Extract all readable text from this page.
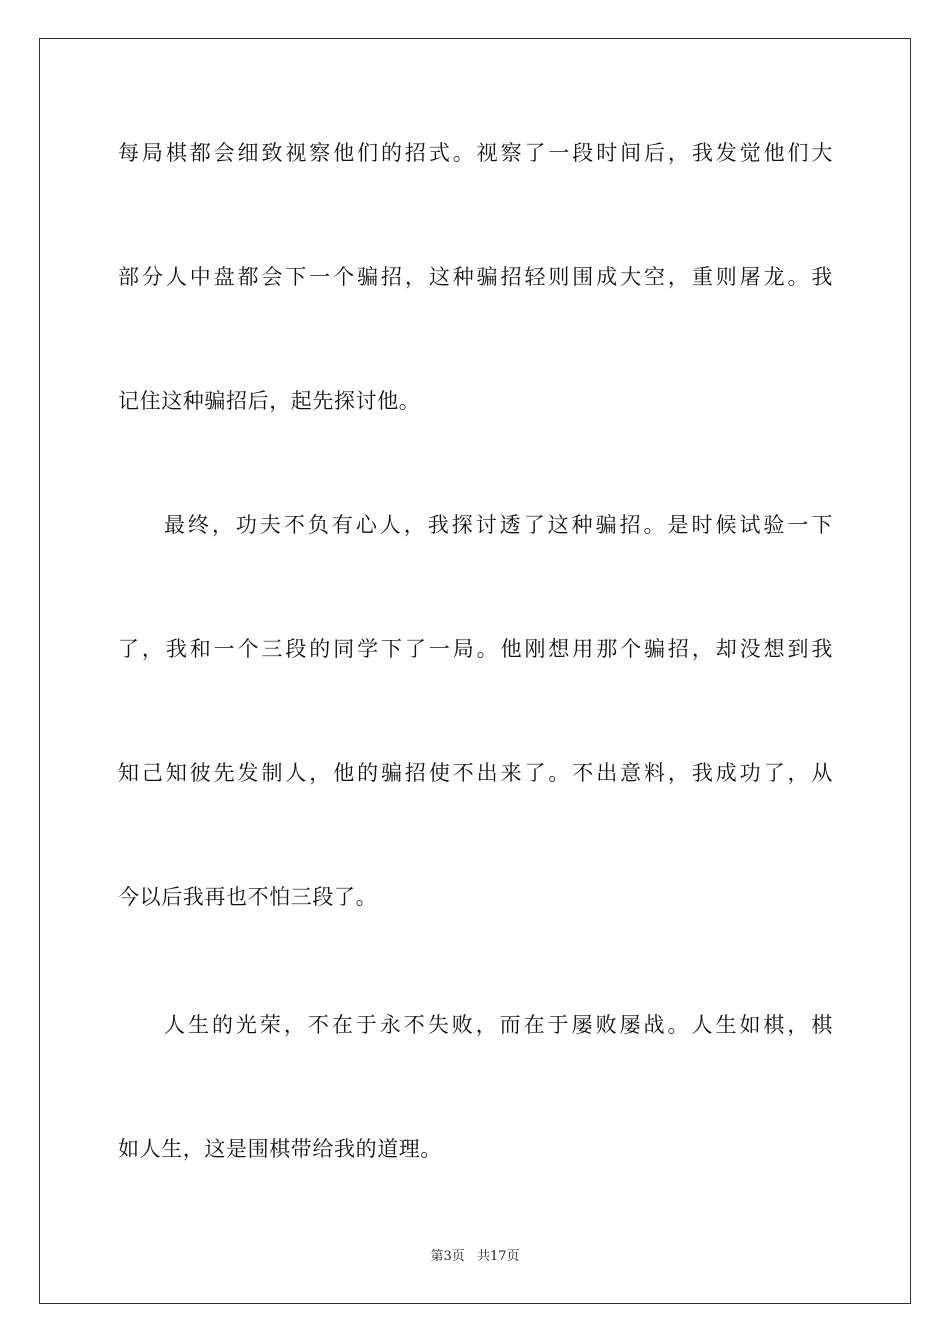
每局棋都会细致视察他们的招式。视察了一段时间后，我发觉他们大
部分人中盘都会下一个骗招，这种骗招轻则围成大空，重则屠龙。我
记住这种骗招后，起先探讨他。
最终，功夫不负有心人，我探讨透了这种骗招。是时候试验一下
了，我和一个三段的同学下了一局。他刚想用那个骗招，却没想到我
知己知彼先发制人，他的骗招使不出来了。不出意料，我成功了，从
今以后我再也不怕三段了。
人生的光荣，不在于永不失败，而在于屡败屡战。人生如棋，棋
如人生，这是围棋带给我的道理。
第3页 共17页
